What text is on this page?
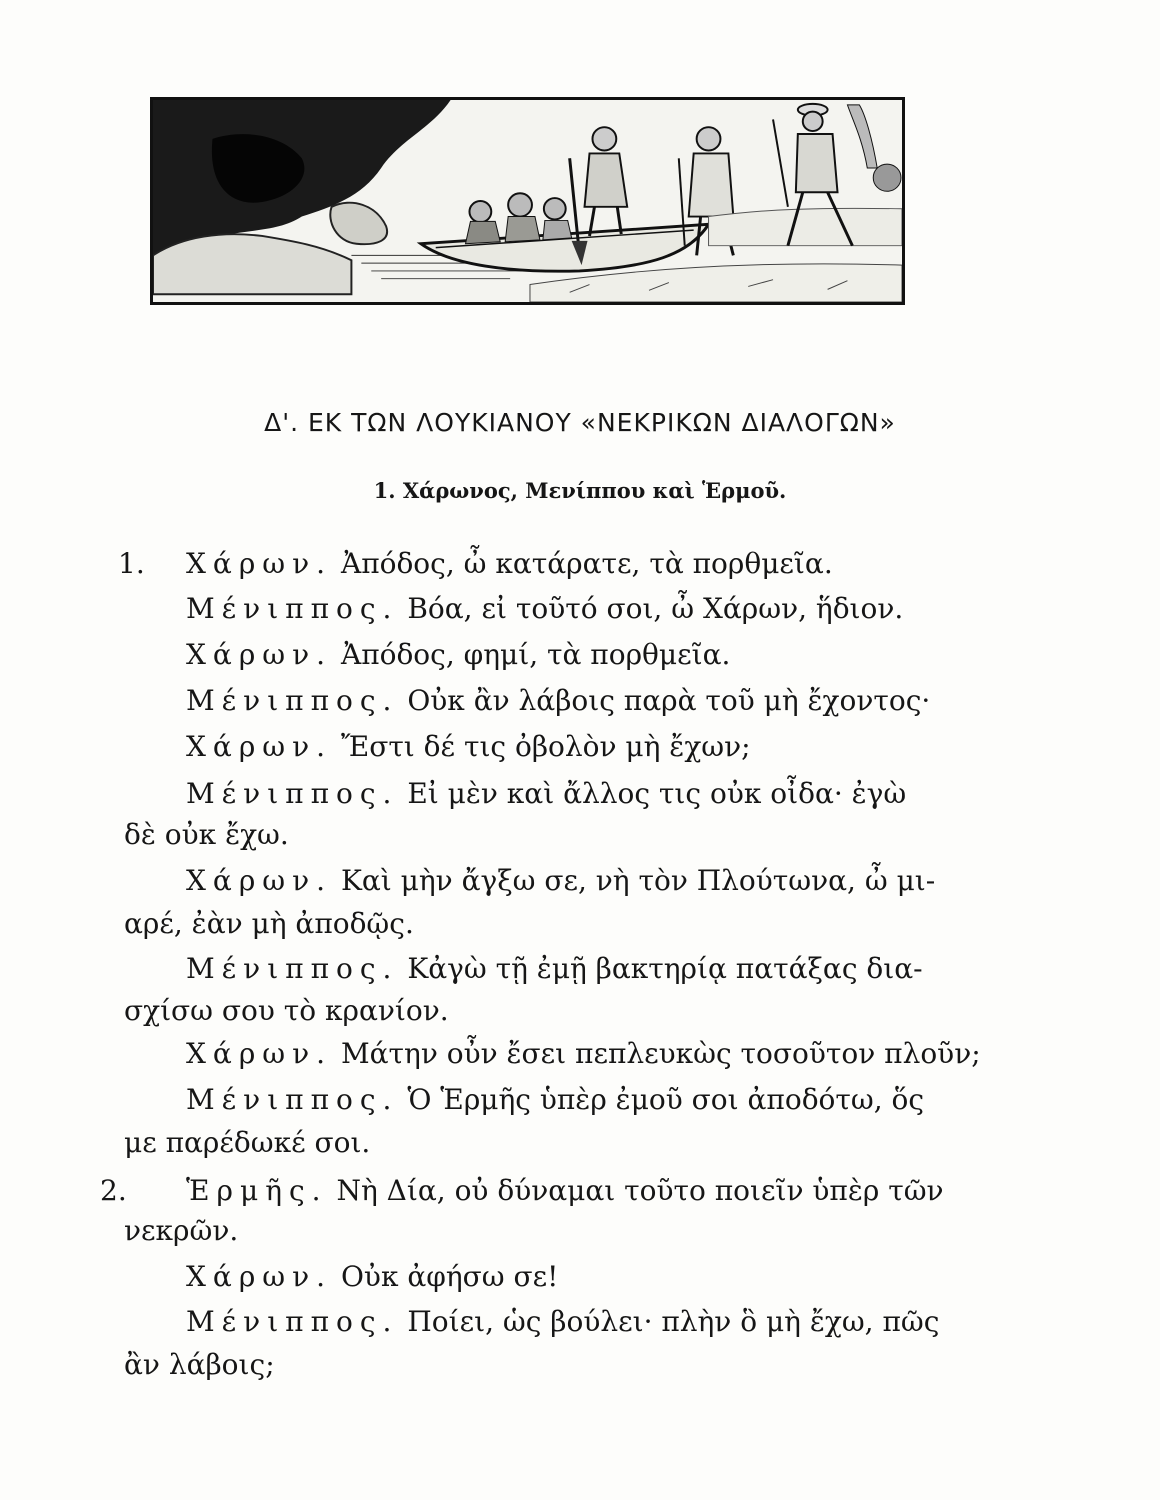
Δ'. ΕΚ ΤΩΝ ΛΟΥΚΙΑΝΟΥ «ΝΕΚΡΙΚΩΝ ΔΙΑΛΟΓΩΝ»
1. Χάρωνος, Μενίππου καὶ Ἑρμοῦ.
1.
2.
Χάρων. Ἀπόδος, ὦ κατάρατε, τὰ πορθμεῖα.
Μένιππος. Βόα, εἰ τοῦτό σοι, ὦ Χάρων, ἥδιον.
Χάρων. Ἀπόδος, φημί, τὰ πορθμεῖα.
Μένιππος. Οὐκ ἂν λάβοις παρὰ τοῦ μὴ ἔχοντος·
Χάρων. Ἔστι δέ τις ὀβολὸν μὴ ἔχων;
Μένιππος. Εἰ μὲν καὶ ἄλλος τις οὐκ οἶδα· ἐγὼ
δὲ οὐκ ἔχω.
Χάρων. Καὶ μὴν ἄγξω σε, νὴ τὸν Πλούτωνα, ὦ μι-
αρέ, ἐὰν μὴ ἀποδῷς.
Μένιππος. Κἀγὼ τῇ ἐμῇ βακτηρίᾳ πατάξας δια-
σχίσω σου τὸ κρανίον.
Χάρων. Μάτην οὖν ἔσει πεπλευκὼς τοσοῦτον πλοῦν;
Μένιππος. Ὁ Ἑρμῆς ὑπὲρ ἐμοῦ σοι ἀποδότω, ὅς
με παρέδωκέ σοι.
Ἑρμῆς. Νὴ Δία, οὐ δύναμαι τοῦτο ποιεῖν ὑπὲρ τῶν
νεκρῶν.
Χάρων. Οὐκ ἀφήσω σε!
Μένιππος. Ποίει, ὡς βούλει· πλὴν ὃ μὴ ἔχω, πῶς
ἂν λάβοις;
